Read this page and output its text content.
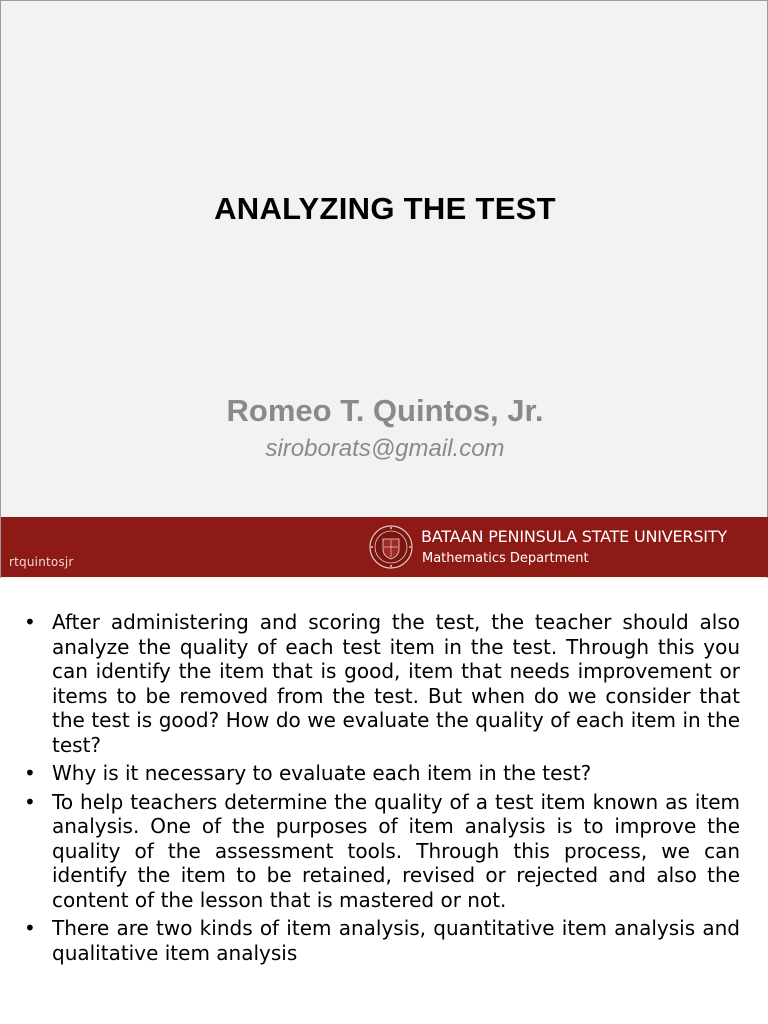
ANALYZING THE TEST
Romeo T. Quintos, Jr.
siroborats@gmail.com
rtquintosjr
BATAAN PENINSULA STATE UNIVERSITY
Mathematics Department
• After administering and scoring the test, the teacher should also analyze the quality of each test item in the test. Through this you can identify the item that is good, item that needs improvement or items to be removed from the test. But when do we consider that the test is good? How do we evaluate the quality of each item in the test?
• Why is it necessary to evaluate each item in the test?
• To help teachers determine the quality of a test item known as item analysis. One of the purposes of item analysis is to improve the quality of the assessment tools. Through this process, we can identify the item to be retained, revised or rejected and also the content of the lesson that is mastered or not.
• There are two kinds of item analysis, quantitative item analysis and qualitative item analysis
